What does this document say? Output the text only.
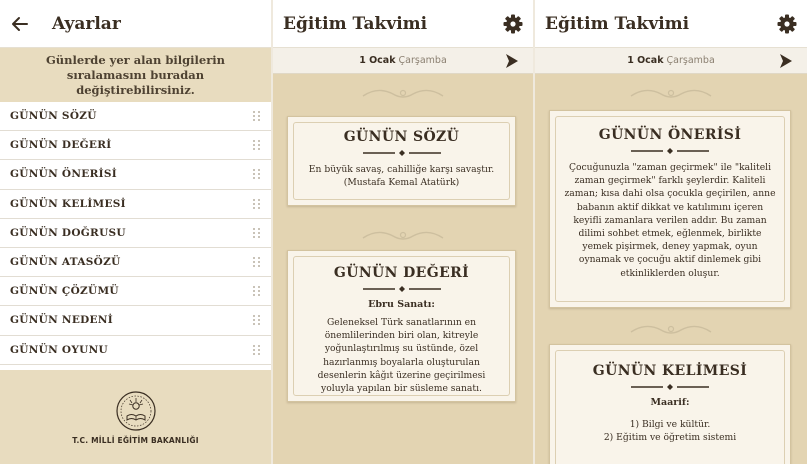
Ayarlar
Günlerde yer alan bilgilerin sıralamasını buradan değiştirebilirsiniz.
GÜNÜN SÖZÜ
GÜNÜN DEĞERİ
GÜNÜN ÖNERİSİ
GÜNÜN KELİMESİ
GÜNÜN DOĞRUSU
GÜNÜN ATASÖZÜ
GÜNÜN ÇÖZÜMÜ
GÜNÜN NEDENİ
GÜNÜN OYUNU
T.C. MİLLİ EĞİTİM BAKANLIĞI
Eğitim Takvimi
1 Ocak Çarşamba
GÜNÜN SÖZÜ
En büyük savaş, cahilliğe karşı savaştır. (Mustafa Kemal Atatürk)
GÜNÜN DEĞERİ
Ebru Sanatı:
Geleneksel Türk sanatlarının en önemlilerinden biri olan, kitreyle yoğunlaştırılmış su üstünde, özel hazırlanmış boyalarla oluşturulan desenlerin kâğıt üzerine geçirilmesi yoluyla yapılan bir süsleme sanatı.
Eğitim Takvimi
1 Ocak Çarşamba
GÜNÜN ÖNERİSİ
Çocuğunuzla "zaman geçirmek" ile "kaliteli zaman geçirmek" farklı şeylerdir. Kaliteli zaman; kısa dahi olsa çocukla geçirilen, anne babanın aktif dikkat ve katılımını içeren keyifli zamanlara verilen addır. Bu zaman dilimi sohbet etmek, eğlenmek, birlikte yemek pişirmek, deney yapmak, oyun oynamak ve çocuğu aktif dinlemek gibi etkinliklerden oluşur.
GÜNÜN KELİMESİ
Maarif:
1) Bilgi ve kültür.
2) Eğitim ve öğretim sistemi
